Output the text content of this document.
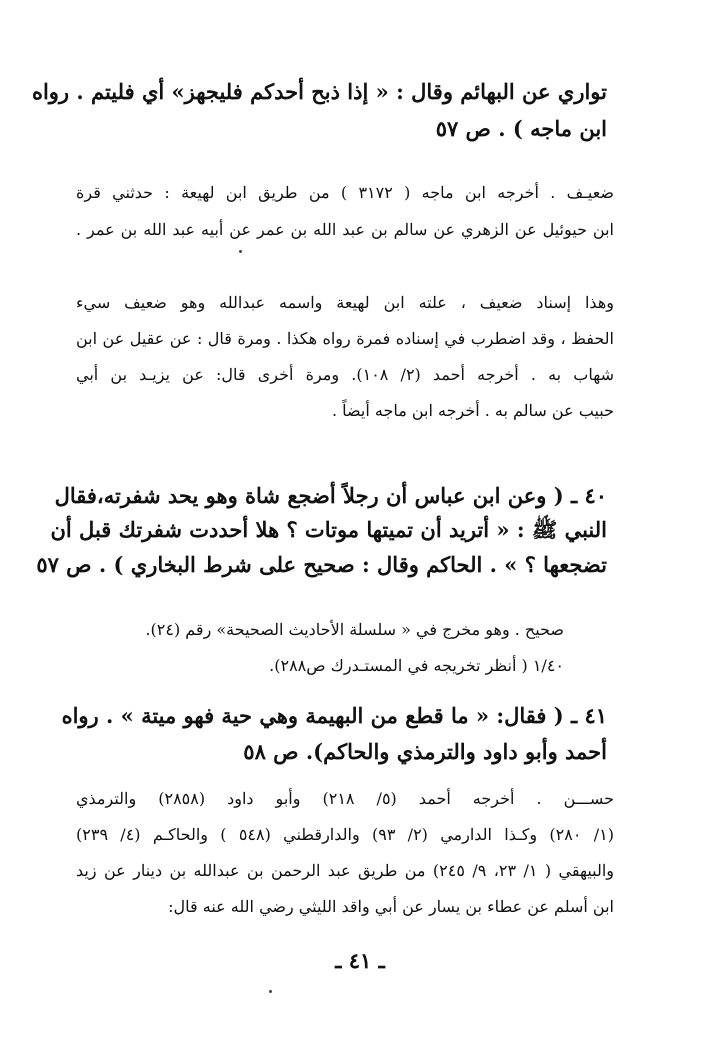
تواري عن البهائم وقال : « إذا ذبح أحدكم فليجهز» أي فليتم . رواه
ابن ماجه ) . ص ٥٧
ضعيـف . أخرجه ابن ماجه ( ٣١٧٢ ) من طريق ابن لهيعة : حدثني قرة
ابن حيوئيل عن الزهري عن سالم بن عبد الله بن عمر عن أبيه عبد الله بن عمر .
وهذا إسناد ضعيف ، علته ابن لهيعة واسمه عبدالله وهو ضعيف سيء
الحفظ ، وقد اضطرب في إسناده فمرة رواه هكذا . ومرة قال : عن عقيل عن ابن
شهاب به . أخرجه أحمد (٢/ ١٠٨). ومرة أخرى قال: عن يزيـد بن أبي
حبيب عن سالم به . أخرجه ابن ماجه أيضاً .
٤٠ ـ ( وعن ابن عباس أن رجلاً أضجع شاة وهو يحد شفرته،فقال
النبي ﷺ : « أتريد أن تميتها موتات ؟ هلا أحددت شفرتك قبل أن
تضجعها ؟ » . الحاكم وقال : صحيح على شرط البخاري ) . ص ٥٧
صحيح . وهو مخرج في « سلسلة الأحاديث الصحيحة» رقم (٢٤).
١/٤٠ ( أنظر تخريجه في المستـدرك ص٢٨٨).
٤١ ـ ( فقال: « ما قطع من البهيمة وهي حية فهو ميتة » . رواه
أحمد وأبو داود والترمذي والحاكم). ص ٥٨
حســـن . أخرجه أحمد (٥/ ٢١٨) وأبو داود (٢٨٥٨) والترمذي
(١/ ٢٨٠) وكـذا الدارمي (٢/ ٩٣) والدارقطني (٥٤٨ ) والحاكـم (٤/ ٢٣٩)
والبيهقي ( ١/ ٢٣، ٩/ ٢٤٥) من طريق عبد الرحمن بن عبدالله بن دينار عن زيد
ابن أسلم عن عطاء بن يسار عن أبي واقد الليثي رضي الله عنه قال:
ـ ٤١ ـ
